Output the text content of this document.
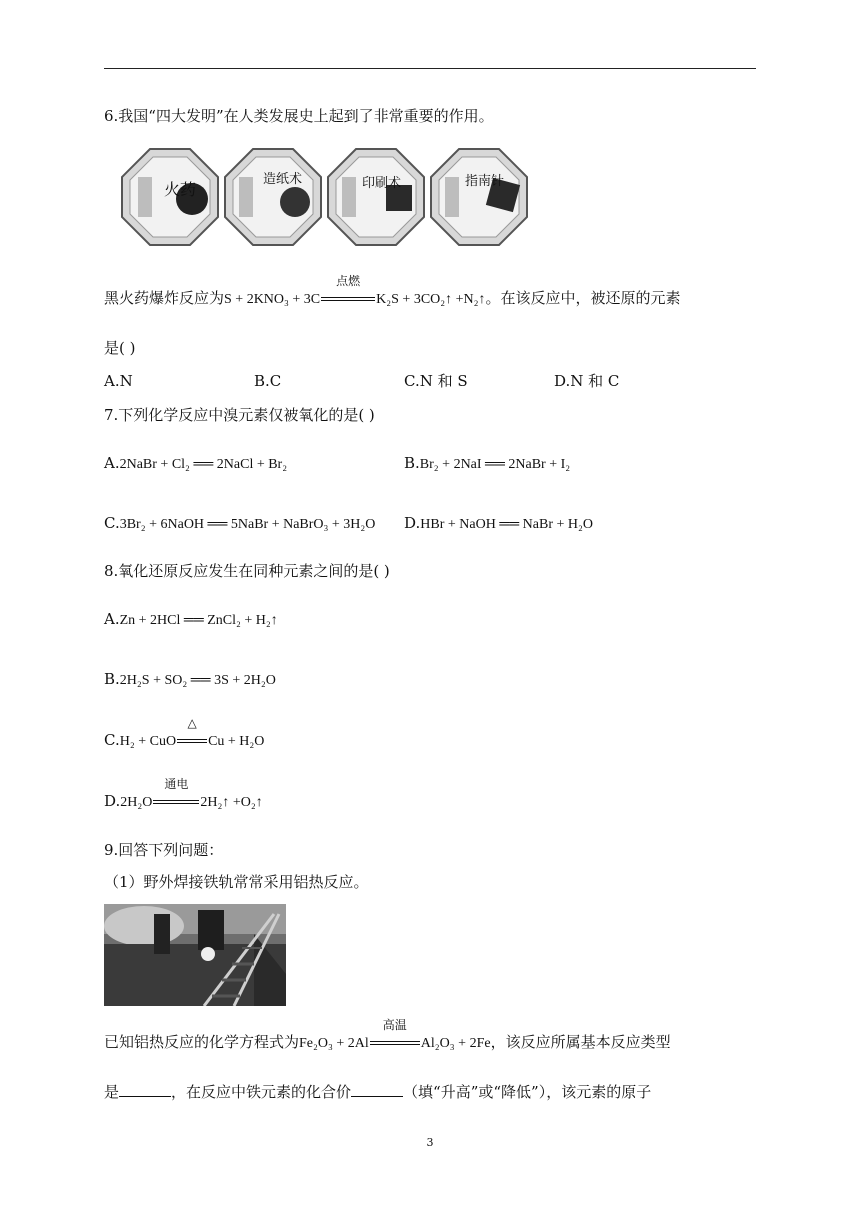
6.我国“四大发明”在人类发展史上起到了非常重要的作用。
火药
造纸术	印刷术	指南针
黑火药爆炸反应为S + 2KNO₃ + 3C
点燃
K₂S + 3CO₂↑ +N₂↑。在该反应中，被还原的元素
是( )
A.N	B.C	C.N 和 S	D.N 和 C
7.下列化学反应中溴元素仅被氧化的是( )
A.2NaBr + Cl₂ ══ 2NaCl + Br₂	B.Br₂ + 2NaI ══ 2NaBr + I₂
C.3Br₂ + 6NaOH ══ 5NaBr + NaBrO₃ + 3H₂O D.HBr + NaOH ══ NaBr + H₂O
8.氧化还原反应发生在同种元素之间的是( )
A.Zn + 2HCl ══ ZnCl₂ + H₂↑
B.2H₂S + SO₂ ══ 3S + 2H₂O
C.H₂ + CuO
△
Cu + H₂O
D.2H₂O
通电
2H₂↑ +O₂↑
9.回答下列问题：
（1）野外焊接铁轨常常采用铝热反应。
已知铝热反应的化学方程式为Fe₂O₃ + 2Al
高温
Al₂O₃ + 2Fe，该反应所属基本反应类型
是	，在反应中铁元素的化合价	（填“升高”或“降低”），该元素的原子
3
